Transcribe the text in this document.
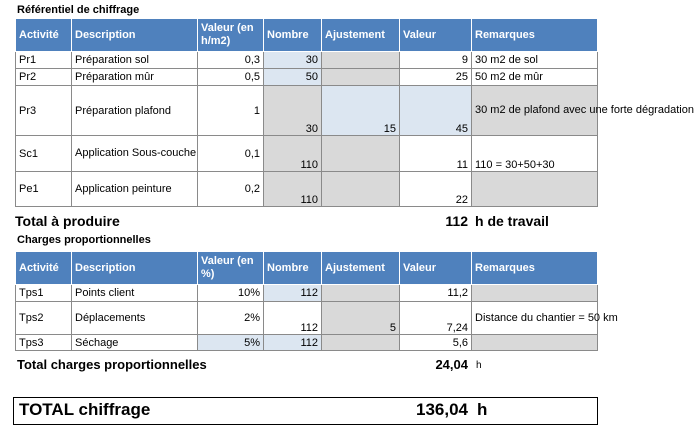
Référentiel de chiffrage
Activité	Description	Valeur (en h/m2)	Nombre	Ajustement	Valeur	Remarques
Pr1	Préparation sol	0,3	30		9	30 m2 de sol
Pr2	Préparation mûr	0,5	50		25	50 m2 de mûr
Pr3	Préparation plafond	1	30	15	45	30 m2 de plafond avec une forte dégradation
Sc1	Application Sous-couche	0,1	110		11	110 = 30+50+30
Pe1	Application peinture	0,2	110		22	
Total à produire	112 h de travail
Charges proportionnelles
Activité	Description	Valeur (en %)	Nombre	Ajustement	Valeur	Remarques
Tps1	Points client	10%	112		11,2	
Tps2	Déplacements	2%	112	5	7,24	Distance du chantier = 50 km
Tps3	Séchage	5%	112		5,6	
Total charges proportionnelles	24,04 h
TOTAL chiffrage	136,04 h
